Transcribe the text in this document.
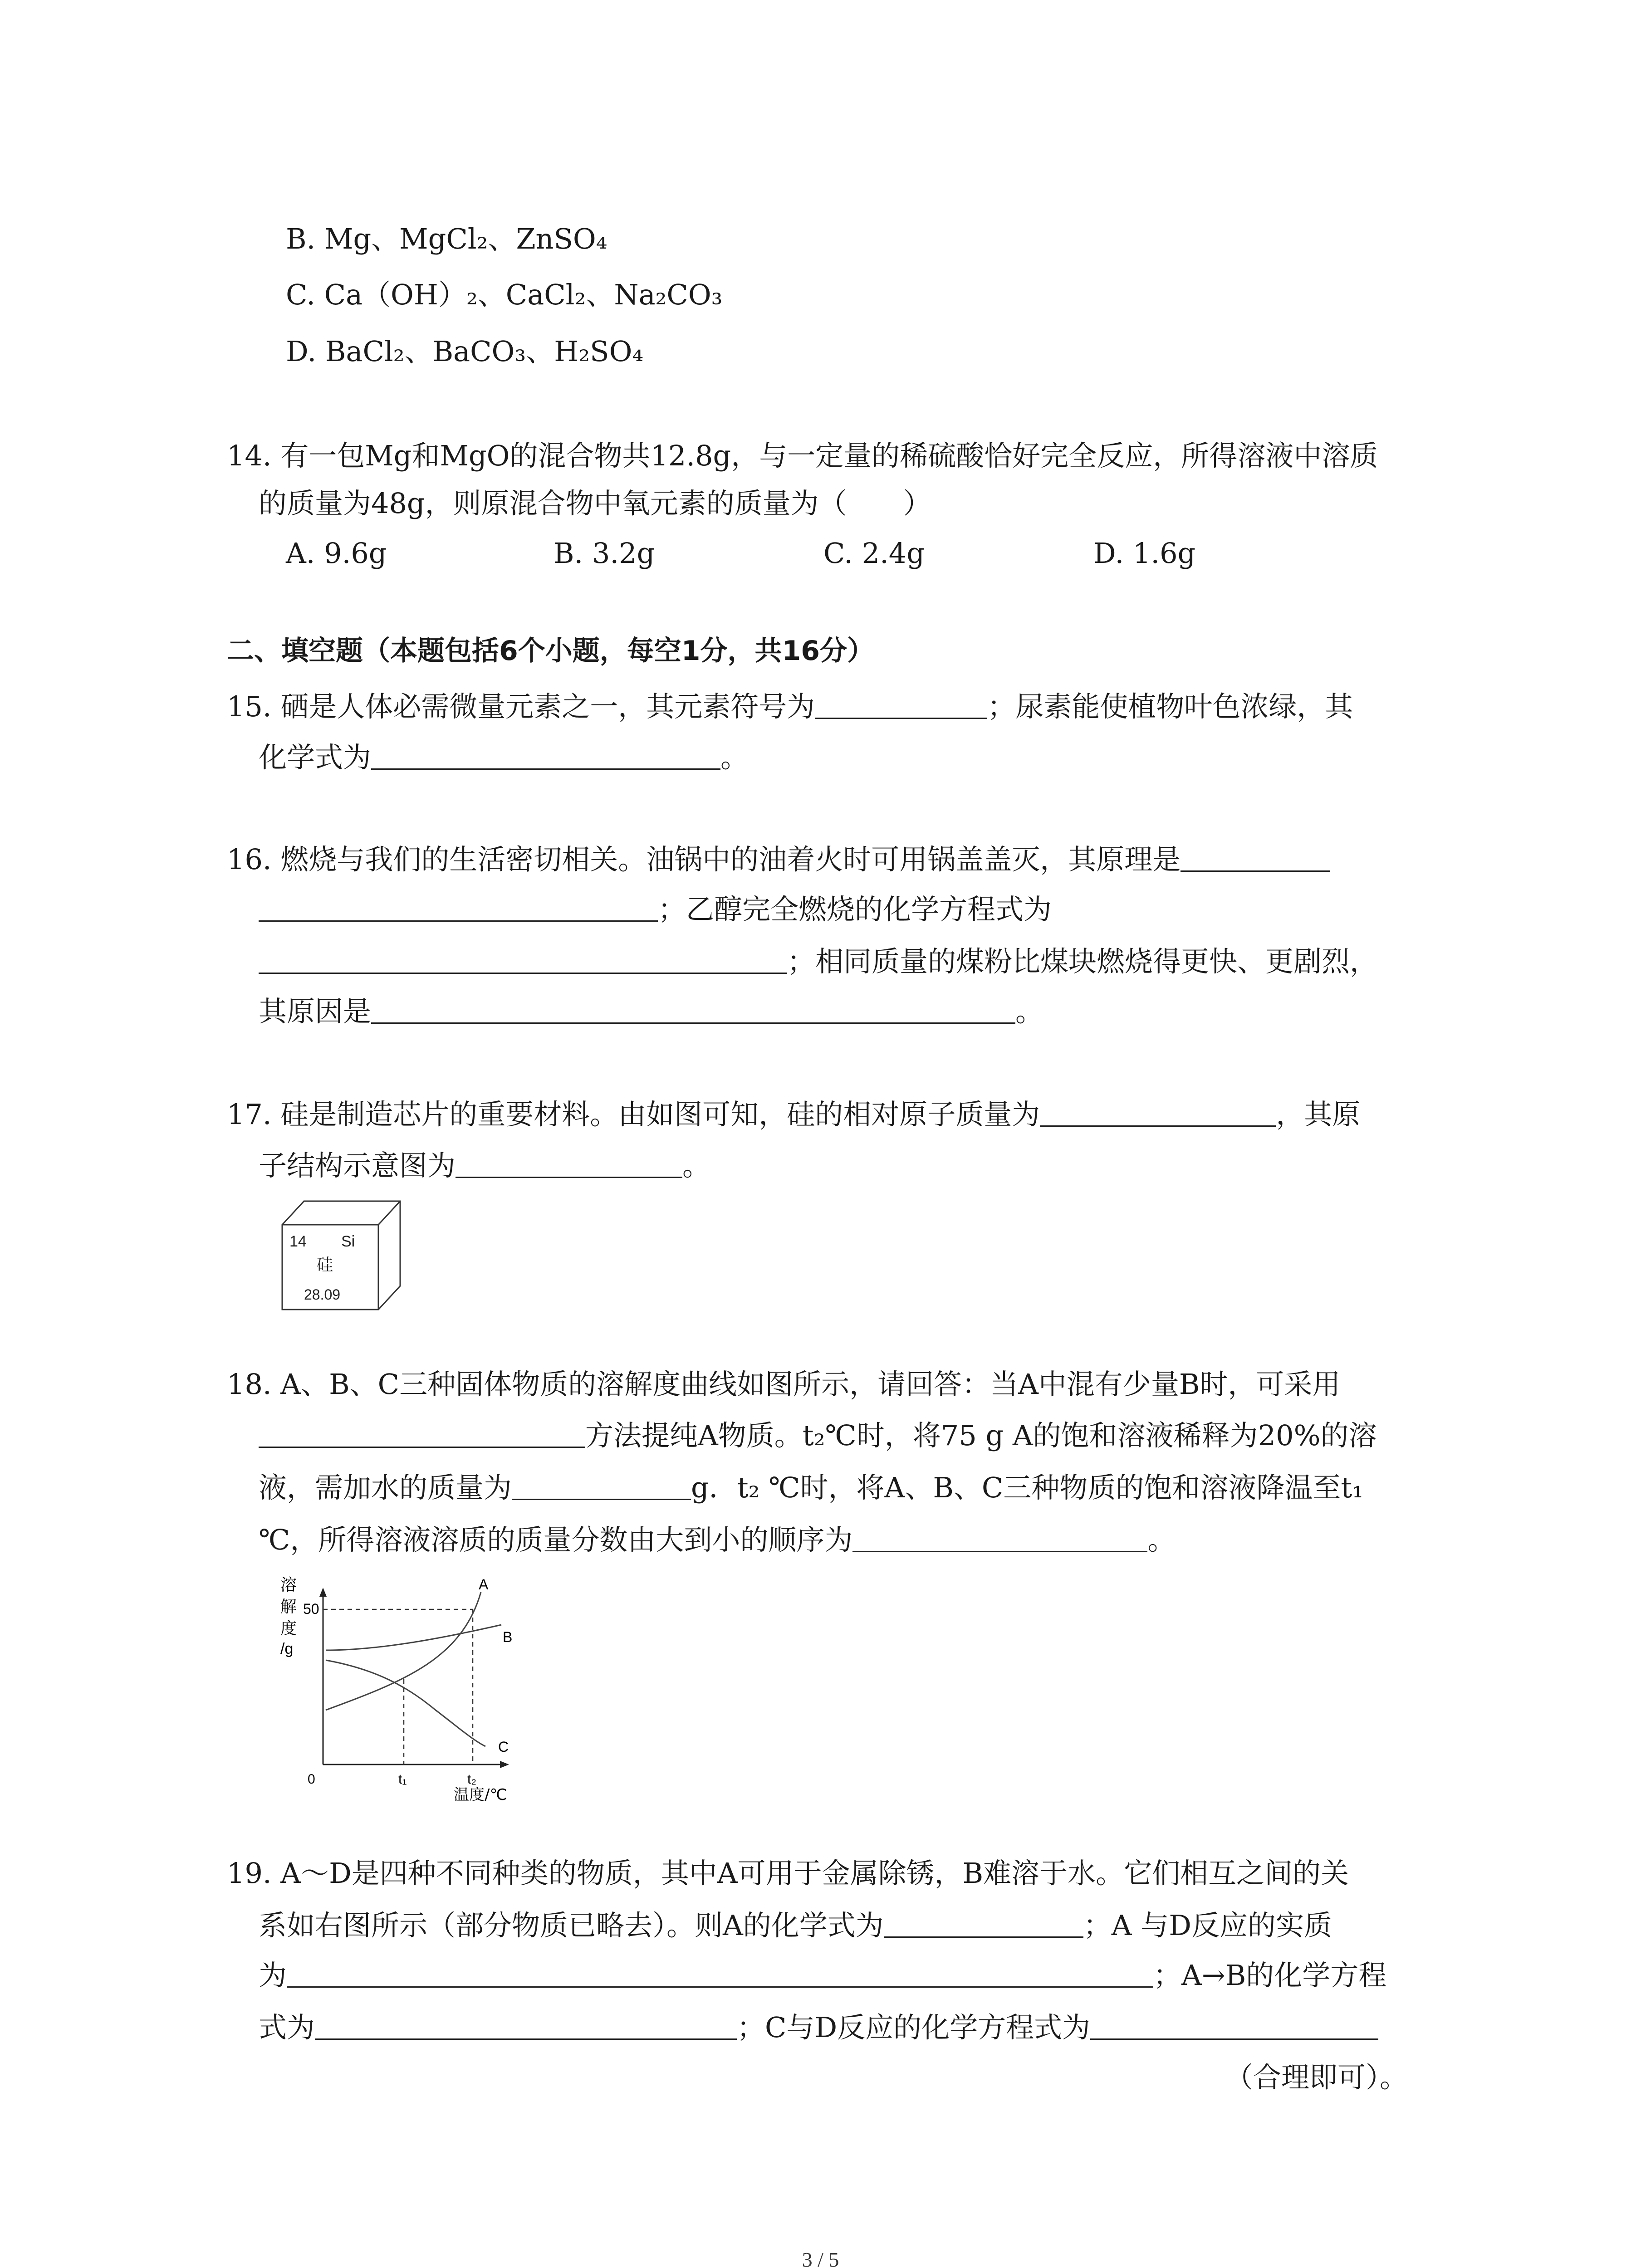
B. Mg、MgCl₂、ZnSO₄
C. Ca（OH）₂、CaCl₂、Na₂CO₃
D. BaCl₂、BaCO₃、H₂SO₄
14. 有一包Mg和MgO的混合物共12.8g，与一定量的稀硫酸恰好完全反应，所得溶液中溶质
的质量为48g，则原混合物中氧元素的质量为（　　）
A. 9.6g	B. 3.2g	C. 2.4g	D. 1.6g
二、填空题（本题包括6个小题，每空1分，共16分）
15. 硒是人体必需微量元素之一，其元素符号为	；尿素能使植物叶色浓绿，其
化学式为	。
16. 燃烧与我们的生活密切相关。油锅中的油着火时可用锅盖盖灭，其原理是
；乙醇完全燃烧的化学方程式为
；相同质量的煤粉比煤块燃烧得更快、更剧烈，
其原因是	。
17. 硅是制造芯片的重要材料。由如图可知，硅的相对原子质量为	，其原
子结构示意图为	。
14 Si
硅
28.09
18. A、B、C三种固体物质的溶解度曲线如图所示，请回答：当A中混有少量B时，可采用
方法提纯A物质。t₂℃时，将75 g A的饱和溶液稀释为20%的溶
液，需加水的质量为	g．t₂ ℃时，将A、B、C三种物质的饱和溶液降温至t₁
℃，所得溶液溶质的质量分数由大到小的顺序为	。
溶
解
度
/g
50
A
B
C
0	t₁	t₂
温度/℃
19. A～D是四种不同种类的物质，其中A可用于金属除锈，B难溶于水。它们相互之间的关
系如右图所示（部分物质已略去）。则A的化学式为	；A 与D反应的实质
为	；A→B的化学方程
式为	；C与D反应的化学方程式为
（合理即可）。
3 / 5
